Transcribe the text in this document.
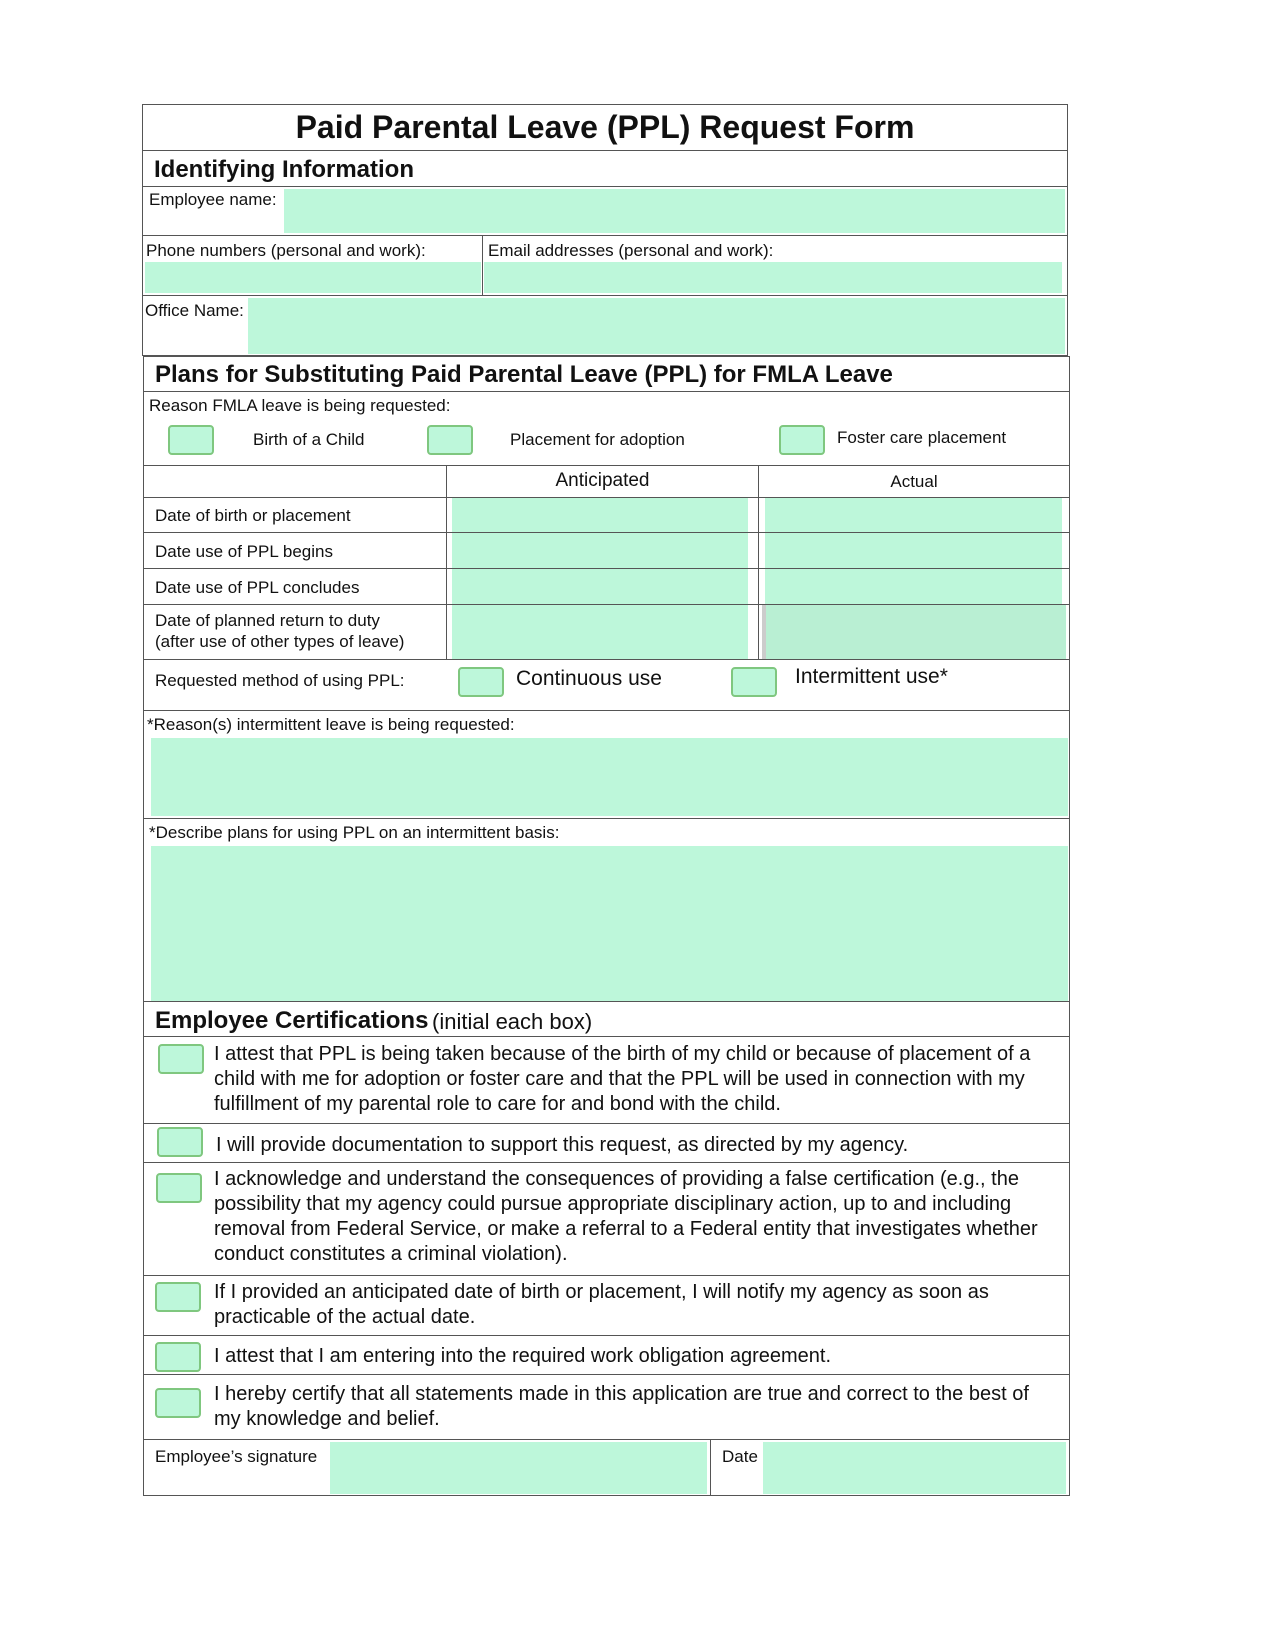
Paid Parental Leave (PPL) Request Form
Identifying Information
Employee name:
Phone numbers (personal and work):	Email addresses (personal and work):
Office Name:
Plans for Substituting Paid Parental Leave (PPL) for FMLA Leave
Reason FMLA leave is being requested:
Birth of a Child	Placement for adoption	Foster care placement
Anticipated	Actual
Date of birth or placement
Date use of PPL begins
Date use of PPL concludes
Date of planned return to duty
(after use of other types of leave)
Requested method of using PPL:	Continuous use	Intermittent use*
*Reason(s) intermittent leave is being requested:
*Describe plans for using PPL on an intermittent basis:
Employee Certifications (initial each box)
I attest that PPL is being taken because of the birth of my child or because of placement of a child with me for adoption or foster care and that the PPL will be used in connection with my fulfillment of my parental role to care for and bond with the child.
I will provide documentation to support this request, as directed by my agency.
I acknowledge and understand the consequences of providing a false certification (e.g., the possibility that my agency could pursue appropriate disciplinary action, up to and including removal from Federal Service, or make a referral to a Federal entity that investigates whether conduct constitutes a criminal violation).
If I provided an anticipated date of birth or placement, I will notify my agency as soon as practicable of the actual date.
I attest that I am entering into the required work obligation agreement.
I hereby certify that all statements made in this application are true and correct to the best of my knowledge and belief.
Employee’s signature	Date
